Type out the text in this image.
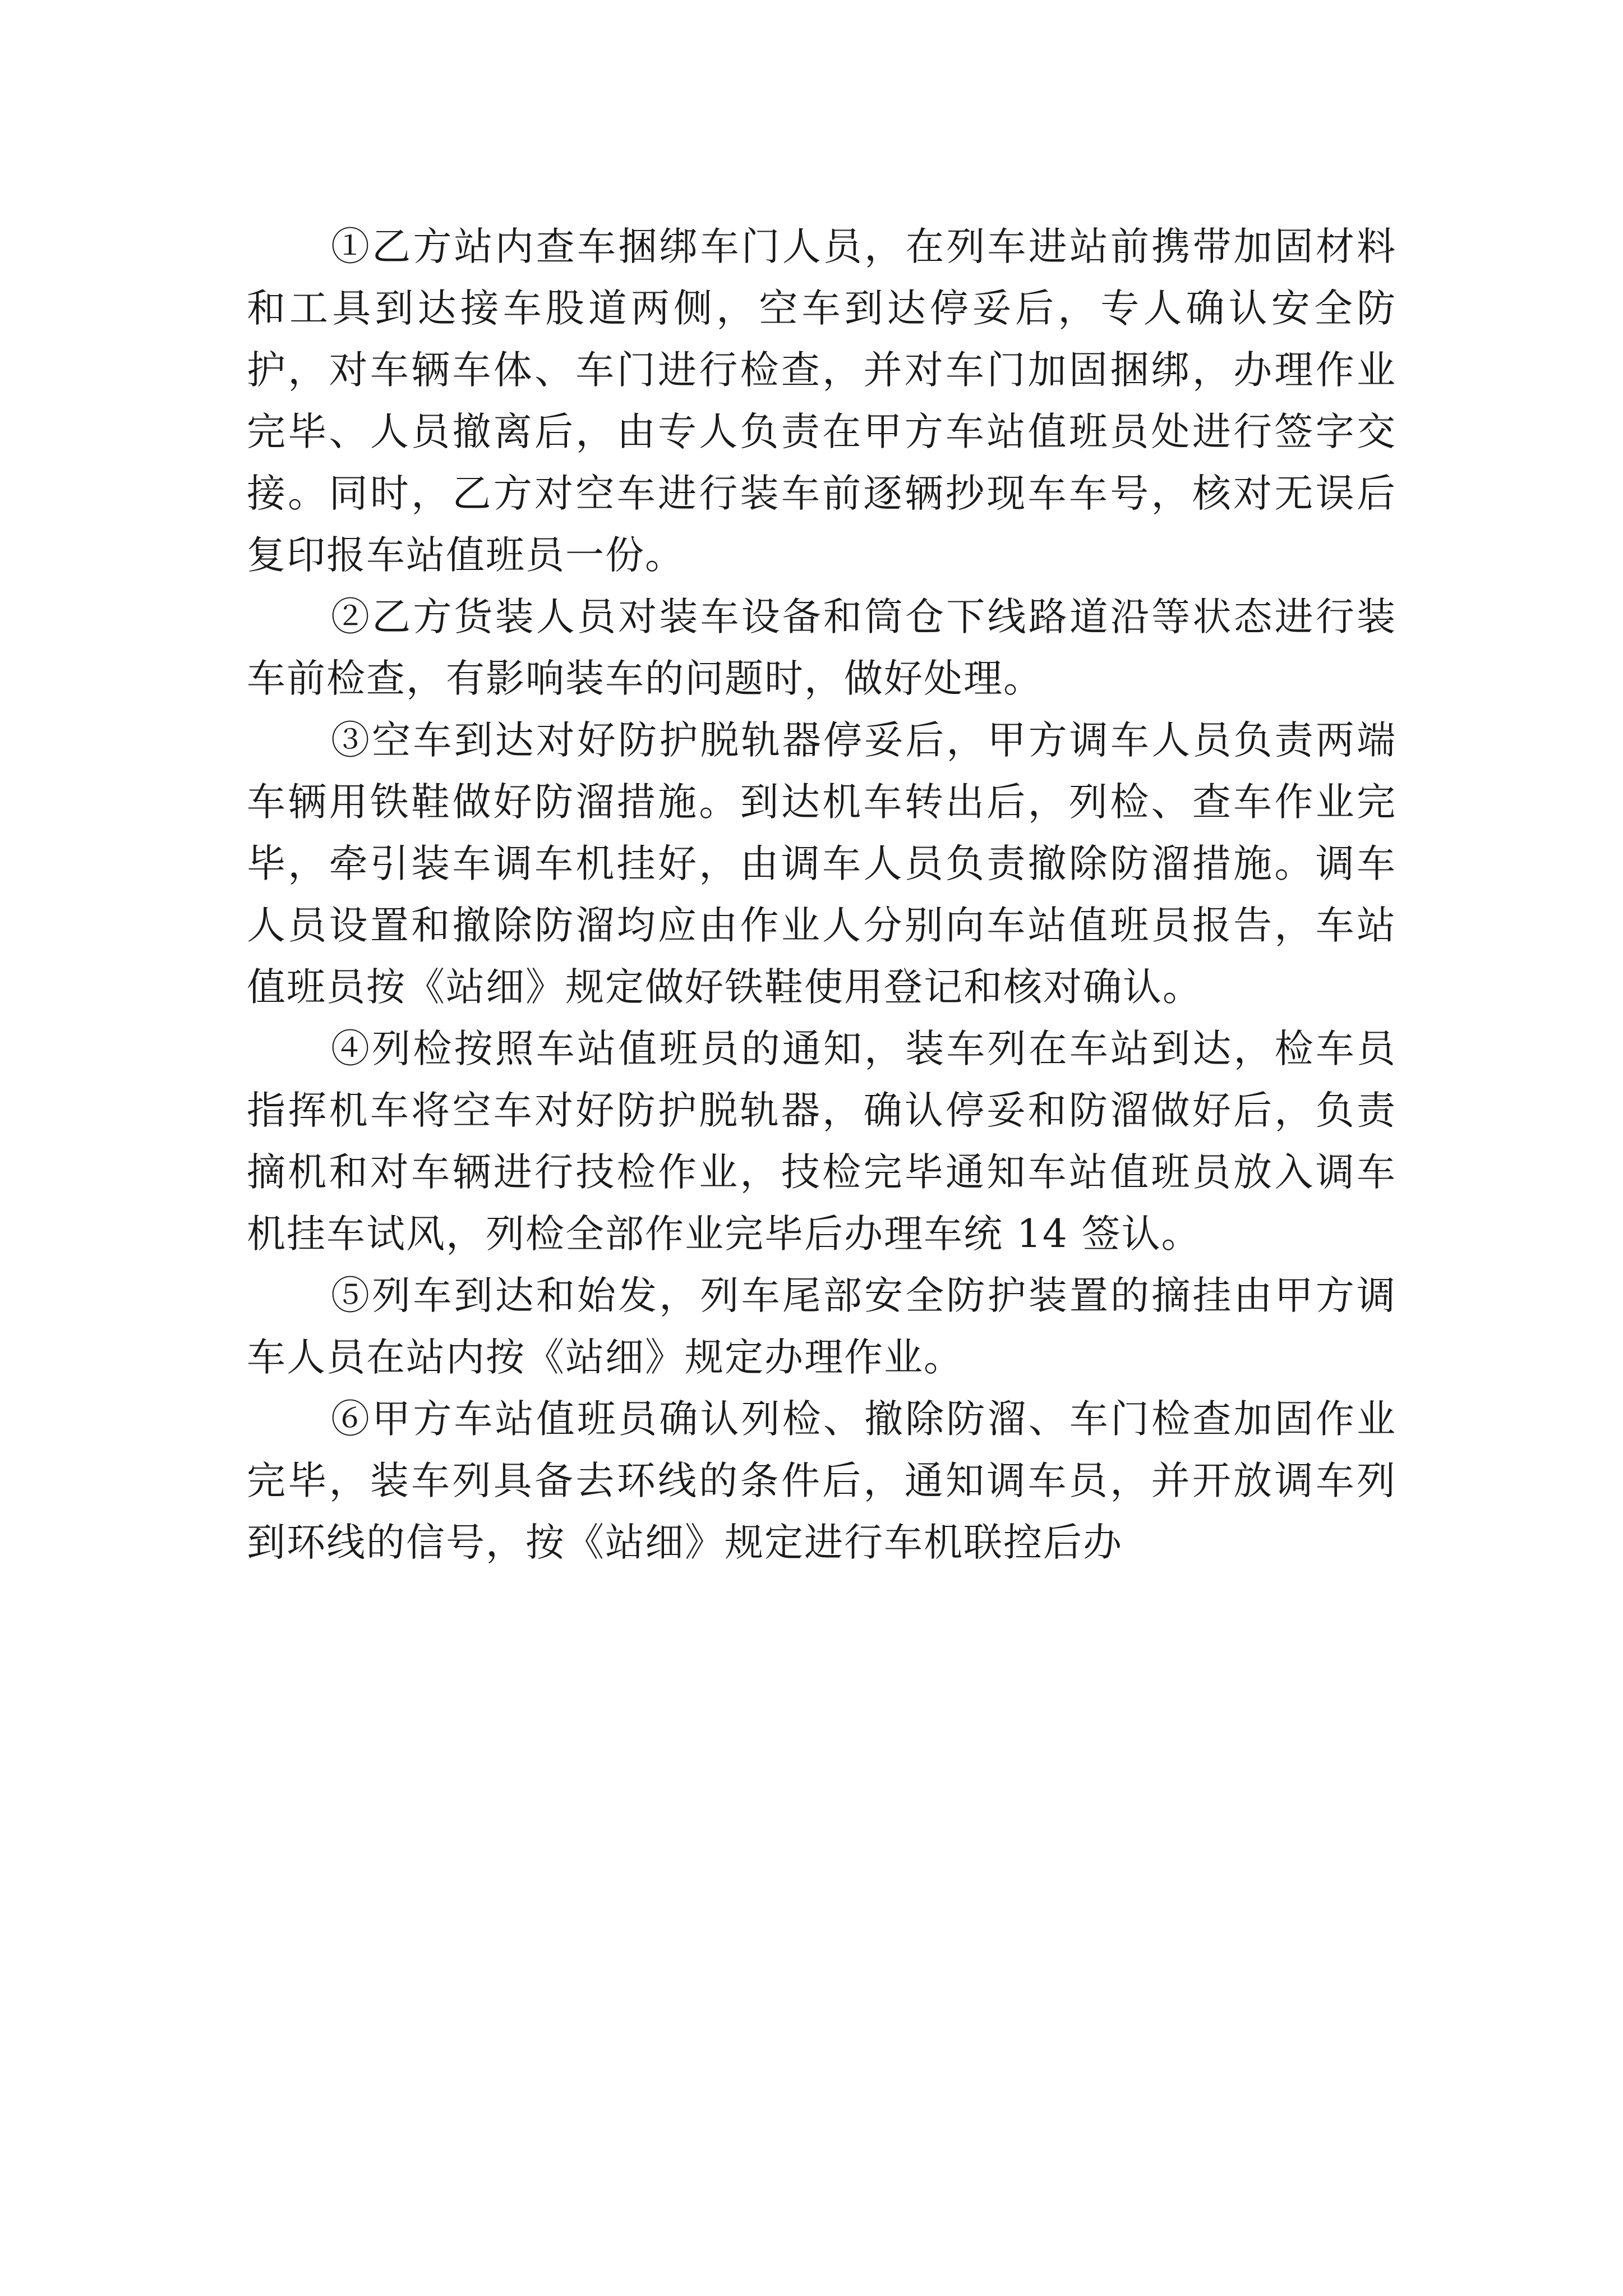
①乙方站内查车捆绑车门人员，在列车进站前携带加固材料和工具到达接车股道两侧，空车到达停妥后，专人确认安全防护，对车辆车体、车门进行检查，并对车门加固捆绑，办理作业完毕、人员撤离后，由专人负责在甲方车站值班员处进行签字交接。同时，乙方对空车进行装车前逐辆抄现车车号，核对无误后复印报车站值班员一份。

②乙方货装人员对装车设备和筒仓下线路道沿等状态进行装车前检查，有影响装车的问题时，做好处理。

③空车到达对好防护脱轨器停妥后，甲方调车人员负责两端车辆用铁鞋做好防溜措施。到达机车转出后，列检、查车作业完毕，牵引装车调车机挂好，由调车人员负责撤除防溜措施。调车人员设置和撤除防溜均应由作业人分别向车站值班员报告，车站值班员按《站细》规定做好铁鞋使用登记和核对确认。

④列检按照车站值班员的通知，装车列在车站到达，检车员指挥机车将空车对好防护脱轨器，确认停妥和防溜做好后，负责摘机和对车辆进行技检作业，技检完毕通知车站值班员放入调车机挂车试风，列检全部作业完毕后办理车统 14 签认。

⑤列车到达和始发，列车尾部安全防护装置的摘挂由甲方调车人员在站内按《站细》规定办理作业。

⑥甲方车站值班员确认列检、撤除防溜、车门检查加固作业完毕，装车列具备去环线的条件后，通知调车员，并开放调车列到环线的信号，按《站细》规定进行车机联控后办
